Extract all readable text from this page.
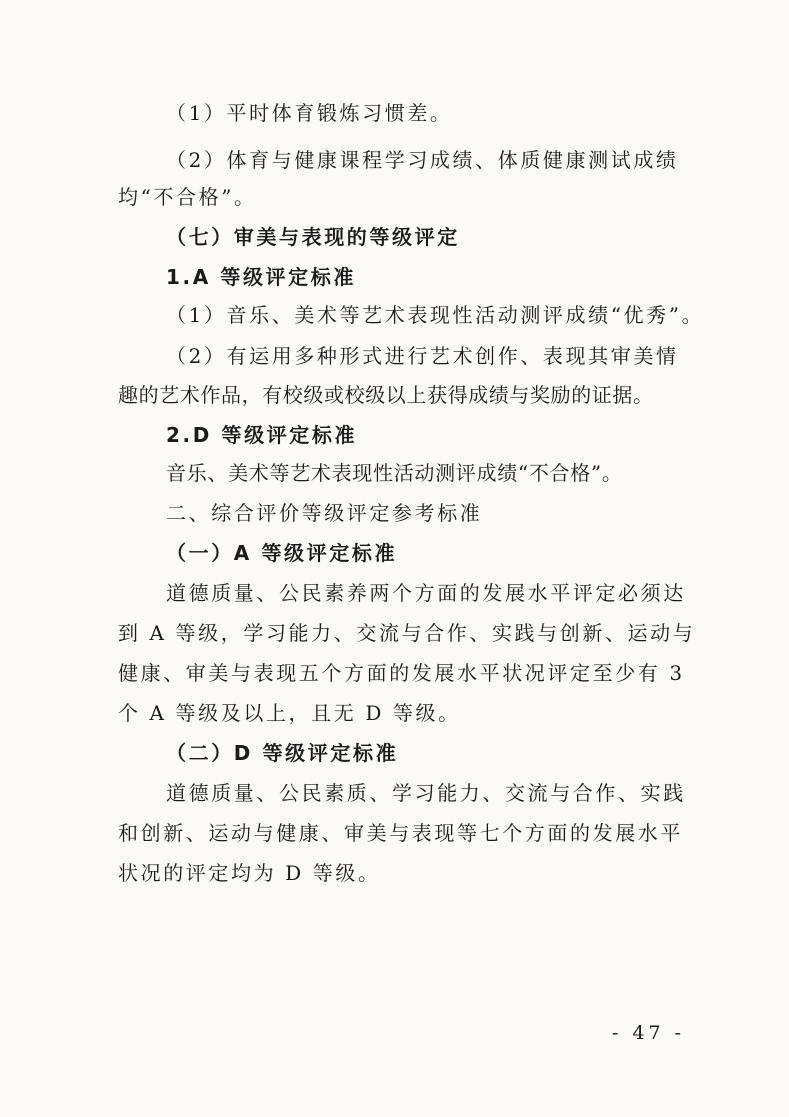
（1）平时体育锻炼习惯差。
（2）体育与健康课程学习成绩、体质健康测试成绩
均“不合格”。
（七）审美与表现的等级评定
1.A 等级评定标准
（1）音乐、美术等艺术表现性活动测评成绩“优秀”。
（2）有运用多种形式进行艺术创作、表现其审美情
趣的艺术作品，有校级或校级以上获得成绩与奖励的证据。
2.D 等级评定标准
音乐、美术等艺术表现性活动测评成绩“不合格”。
二、综合评价等级评定参考标准
（一）A 等级评定标准
道德质量、公民素养两个方面的发展水平评定必须达
到 A 等级，学习能力、交流与合作、实践与创新、运动与
健康、审美与表现五个方面的发展水平状况评定至少有 3
个 A 等级及以上，且无 D 等级。
（二）D 等级评定标准
道德质量、公民素质、学习能力、交流与合作、实践
和创新、运动与健康、审美与表现等七个方面的发展水平
状况的评定均为 D 等级。
- 47 -
